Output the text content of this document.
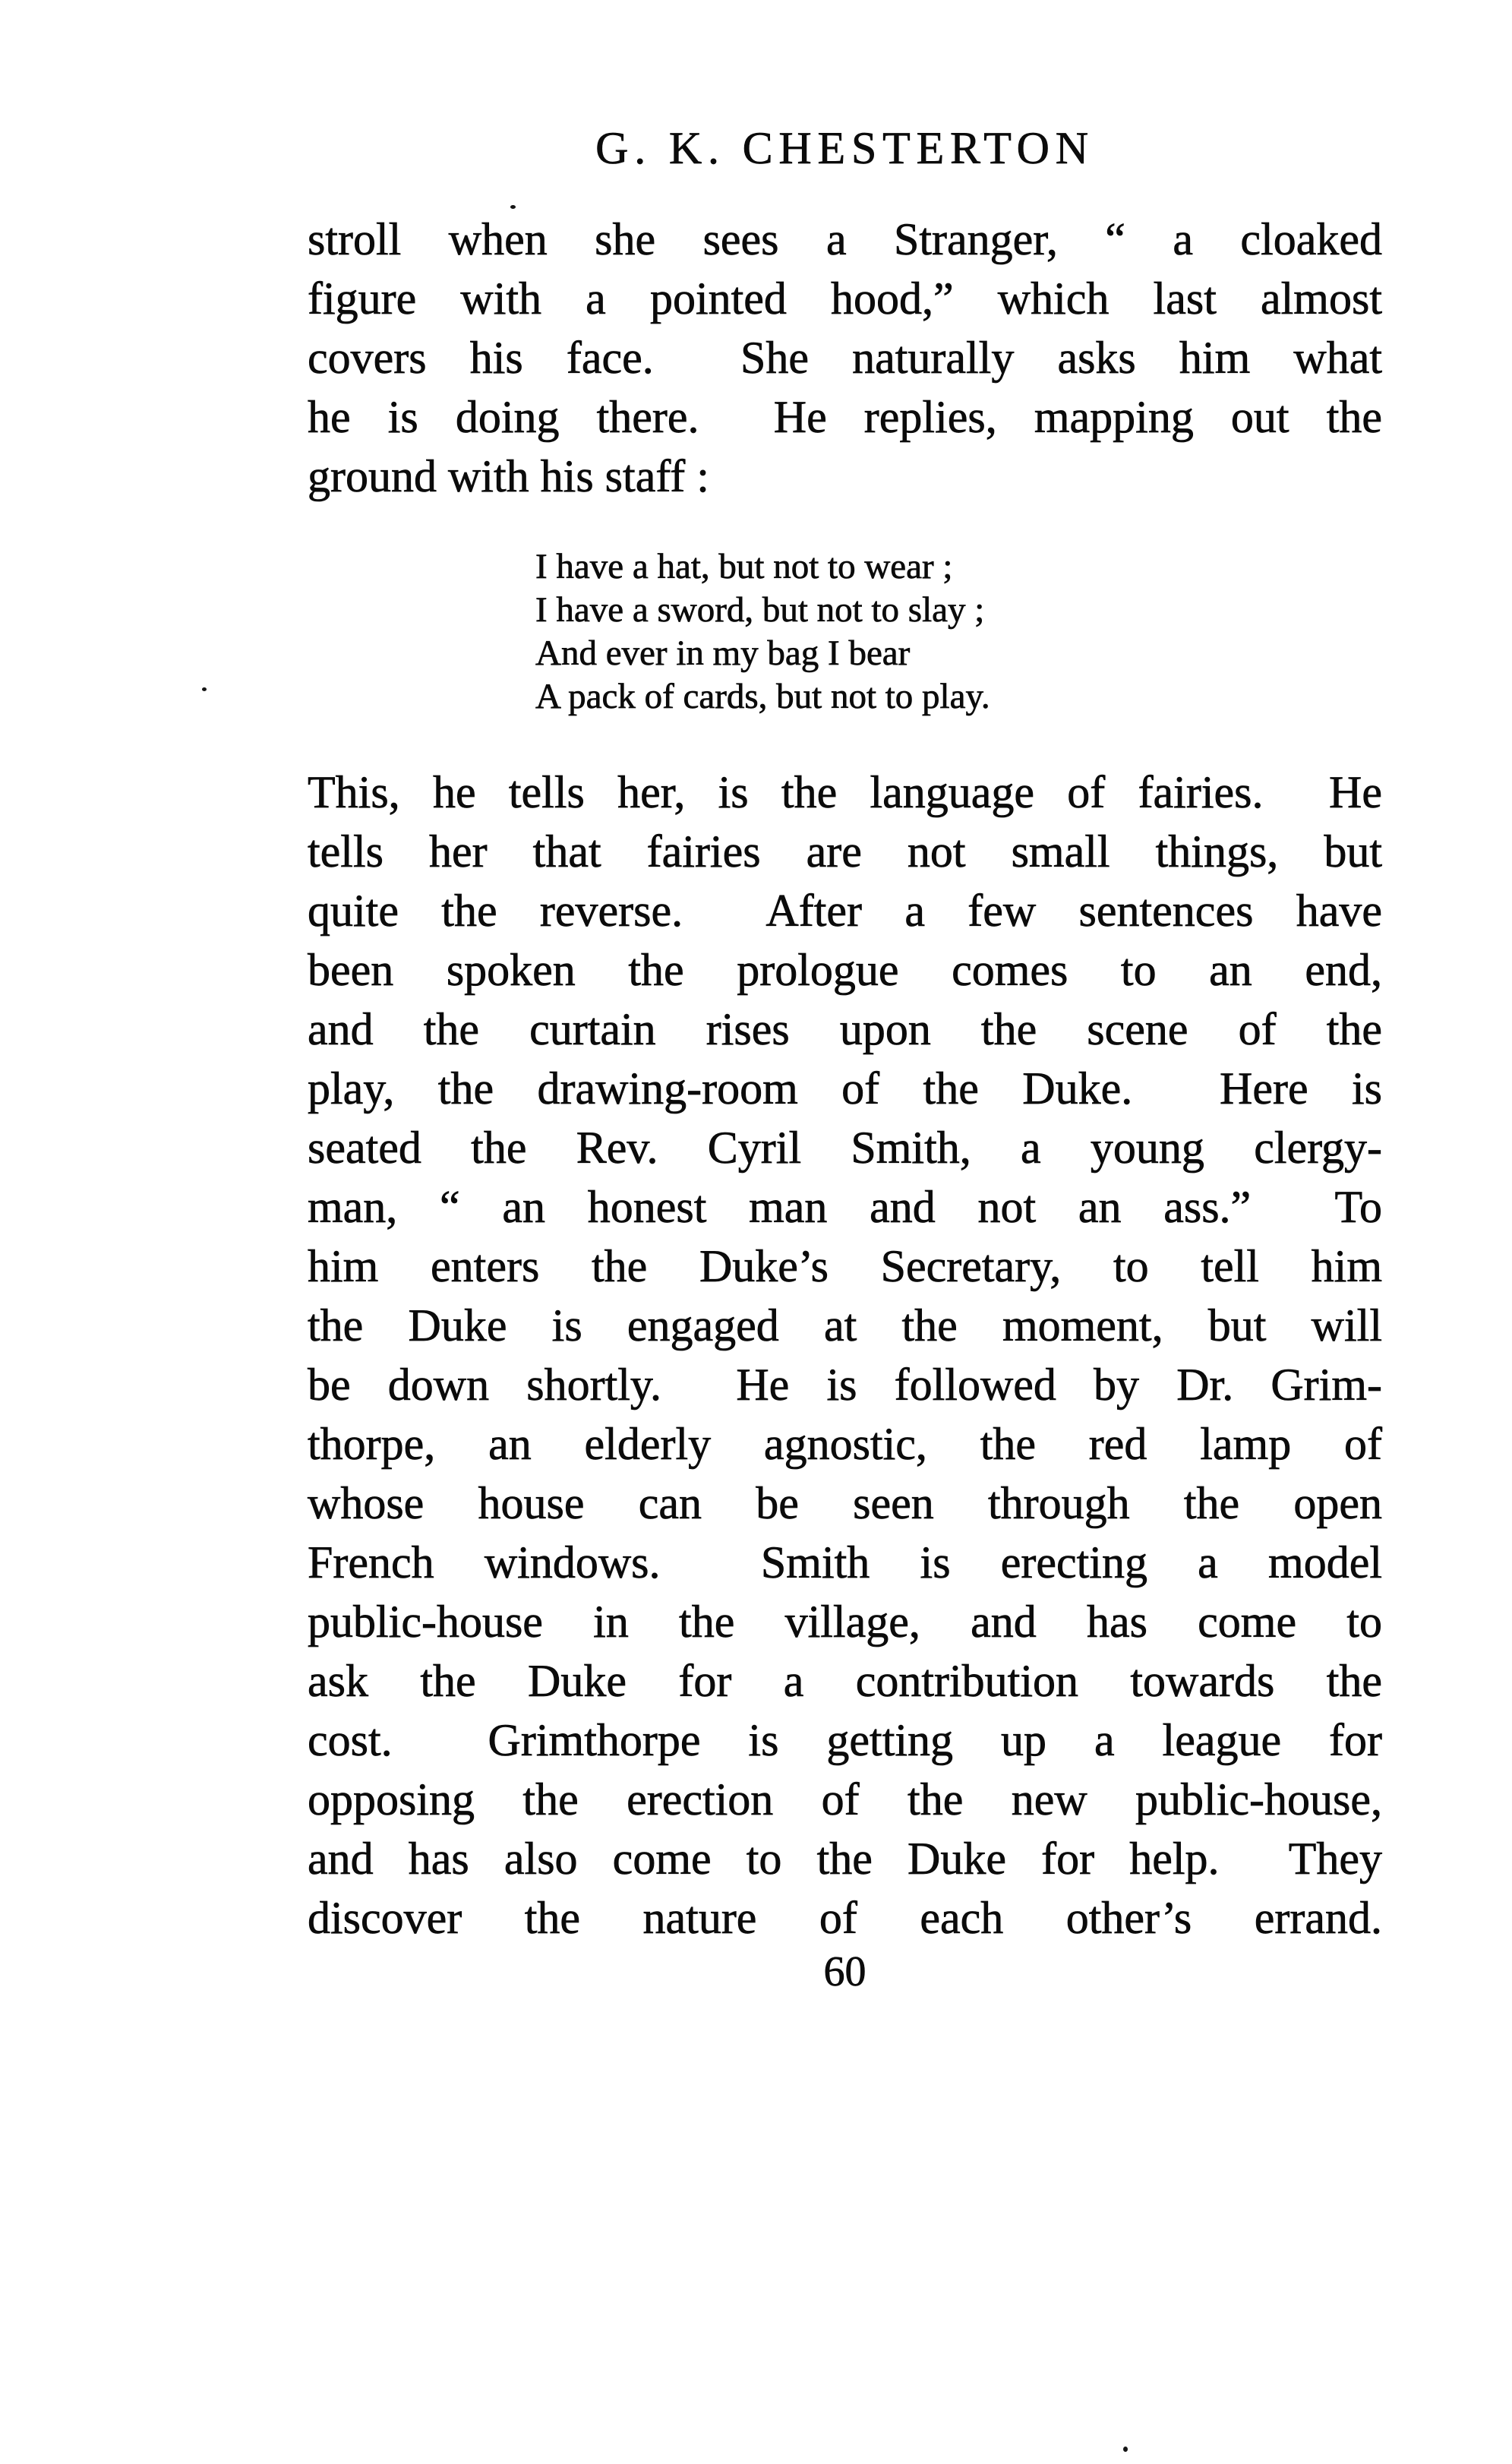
G. K. CHESTERTON
stroll when she sees a Stranger, “ a cloaked
figure with a pointed hood,” which last almost
covers his face.  She naturally asks him what
he is doing there.  He replies, mapping out the
ground with his staff :
I have a hat, but not to wear ;
I have a sword, but not to slay ;
And ever in my bag I bear
A pack of cards, but not to play.
This, he tells her, is the language of fairies.  He
tells her that fairies are not small things, but
quite the reverse.  After a few sentences have
been spoken the prologue comes to an end,
and the curtain rises upon the scene of the
play, the drawing-room of the Duke.  Here is
seated the Rev. Cyril Smith, a young clergy-
man, “ an honest man and not an ass.”  To
him enters the Duke’s Secretary, to tell him
the Duke is engaged at the moment, but will
be down shortly.  He is followed by Dr. Grim-
thorpe, an elderly agnostic, the red lamp of
whose house can be seen through the open
French windows.  Smith is erecting a model
public-house in the village, and has come to
ask the Duke for a contribution towards the
cost.  Grimthorpe is getting up a league for
opposing the erection of the new public-house,
and has also come to the Duke for help.  They
discover the nature of each other’s errand.
60
